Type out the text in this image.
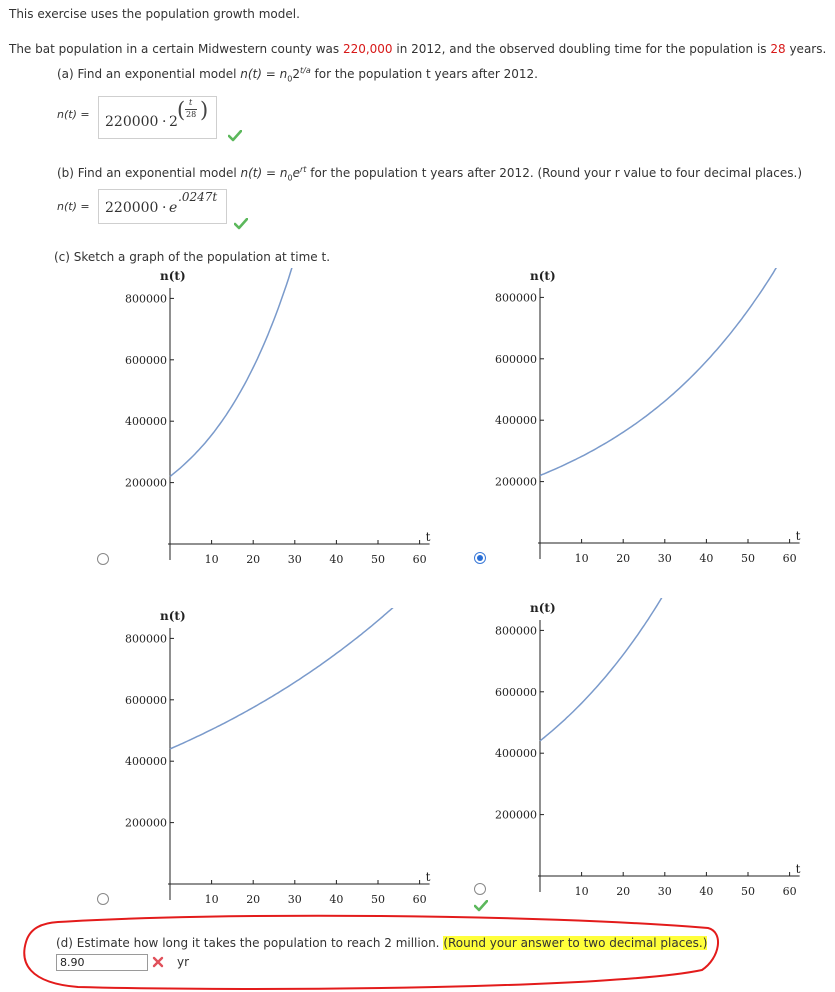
This exercise uses the population growth model.
The bat population in a certain Midwestern county was 220,000 in 2012, and the observed doubling time for the population is 28 years.
(a) Find an exponential model $n(t) = n_02^{t/a}$ for the population t years after 2012.
n(t) = 220000 · 2 ( t
28 )
(b) Find an exponential model $n(t) = n_0e^{rt}$ for the population t years after 2012. (Round your r value to four decimal places.)
n(t) = 220000 · e
.0247t
(c) Sketch a graph of the population at time t.
n(t)
t
200000
400000
600000
800000
10	20	30	40	50	60
n(t)
t
200000
400000
600000
800000
10	20	30	40	50	60
n(t)
t
200000
400000
600000
800000
10	20	30	40	50	60
n(t)
t
200000
400000
600000
800000
10	20	30	40	50	60
(d) Estimate how long it takes the population to reach 2 million. (Round your answer to two decimal places.)
8.90
yr
